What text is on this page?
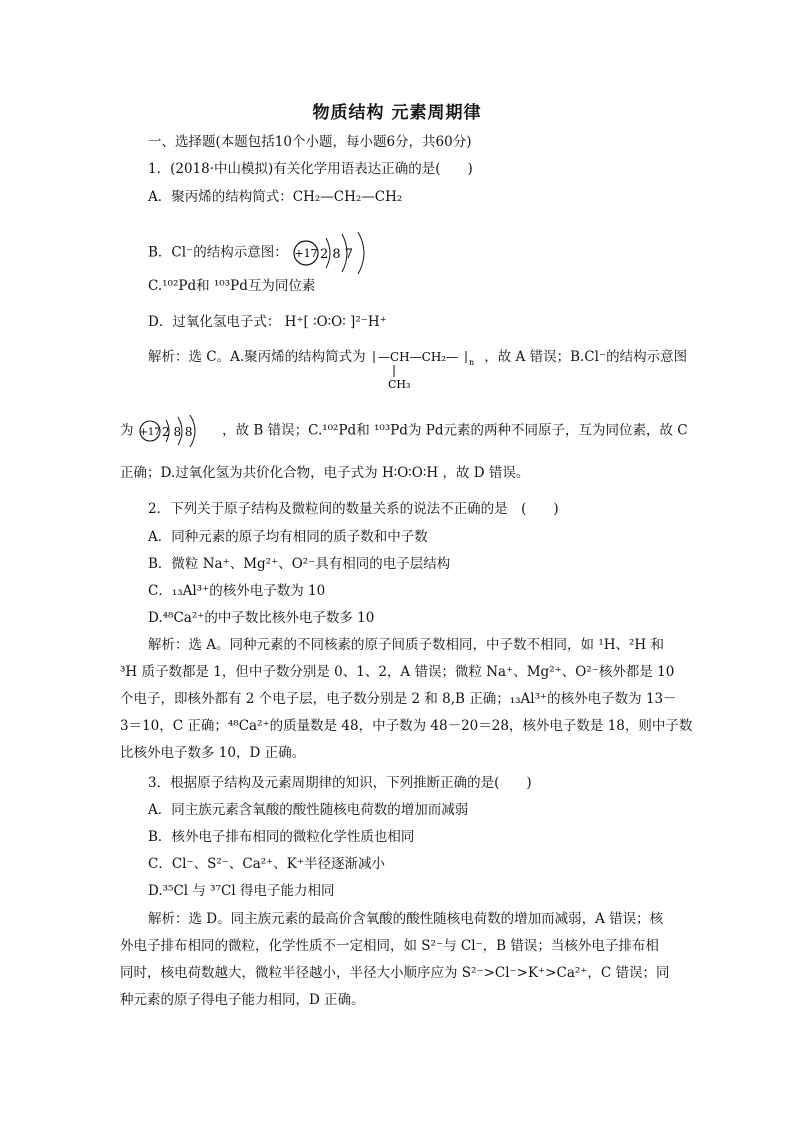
物质结构 元素周期律
一、选择题(本题包括10个小题，每小题6分，共60分)
1．(2018·中山模拟)有关化学用语表达正确的是(　　)
A．聚丙烯的结构简式：CH₂—CH₂—CH₂
B．Cl⁻的结构示意图： +17 2 8 7
C.¹⁰²Pd和 ¹⁰³Pd互为同位素
D．过氧化氢电子式： H⁺[ ∶O∶O∶ ]²⁻H⁺
解析：选 C。A.聚丙烯的结构简式为 —CH—CH₂— n
CH₃
，故 A 错误；B.Cl⁻的结构示意图
为 +17 2 8 8 ，故 B 错误；C.¹⁰²Pd和 ¹⁰³Pd为 Pd元素的两种不同原子，互为同位素，故 C
正确；D.过氧化氢为共价化合物，电子式为 H∶O∶O∶H ，故 D 错误。
2．下列关于原子结构及微粒间的数量关系的说法不正确的是　(　　)
A．同种元素的原子均有相同的质子数和中子数
B．微粒 Na⁺、Mg²⁺、O²⁻具有相同的电子层结构
C．₁₃Al³⁺的核外电子数为 10
D.⁴⁸Ca²⁺的中子数比核外电子数多 10
解析：选 A。同种元素的不同核素的原子间质子数相同，中子数不相同，如 ¹H、²H 和
³H 质子数都是 1，但中子数分别是 0、1、2，A 错误；微粒 Na⁺、Mg²⁺、O²⁻核外都是 10
个电子，即核外都有 2 个电子层，电子数分别是 2 和 8,B 正确；₁₃Al³⁺的核外电子数为 13－
3＝10，C 正确；⁴⁸Ca²⁺的质量数是 48，中子数为 48－20＝28，核外电子数是 18，则中子数
比核外电子数多 10，D 正确。
3．根据原子结构及元素周期律的知识，下列推断正确的是(　　)
A．同主族元素含氧酸的酸性随核电荷数的增加而减弱
B．核外电子排布相同的微粒化学性质也相同
C．Cl⁻、S²⁻、Ca²⁺、K⁺半径逐渐减小
D.³⁵Cl 与 ³⁷Cl 得电子能力相同
解析：选 D。同主族元素的最高价含氧酸的酸性随核电荷数的增加而减弱，A 错误；核
外电子排布相同的微粒，化学性质不一定相同，如 S²⁻与 Cl⁻，B 错误；当核外电子排布相
同时，核电荷数越大，微粒半径越小，半径大小顺序应为 S²⁻>Cl⁻>K⁺>Ca²⁺，C 错误；同
种元素的原子得电子能力相同，D 正确。
